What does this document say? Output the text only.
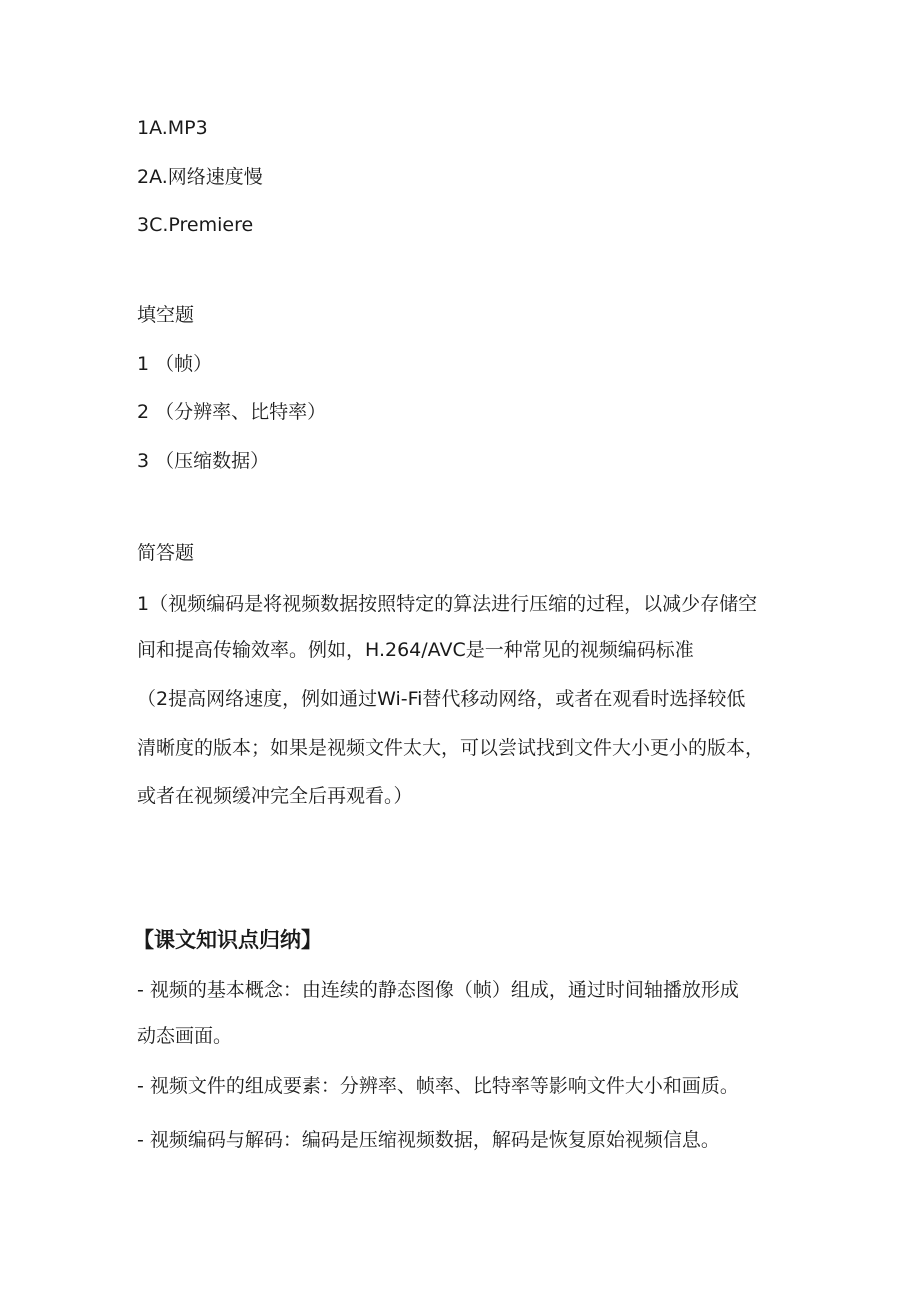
1A.MP3
2A.网络速度慢
3C.Premiere
填空题
1 （帧）
2 （分辨率、比特率）
3 （压缩数据）
简答题
1（视频编码是将视频数据按照特定的算法进行压缩的过程，以减少存储空
间和提高传输效率。例如，H.264/AVC是一种常见的视频编码标准
（2提高网络速度，例如通过Wi-Fi替代移动网络，或者在观看时选择较低
清晰度的版本；如果是视频文件太大，可以尝试找到文件大小更小的版本，
或者在视频缓冲完全后再观看。）
【课文知识点归纳】
- 视频的基本概念：由连续的静态图像（帧）组成，通过时间轴播放形成
动态画面。
- 视频文件的组成要素：分辨率、帧率、比特率等影响文件大小和画质。
- 视频编码与解码：编码是压缩视频数据，解码是恢复原始视频信息。
